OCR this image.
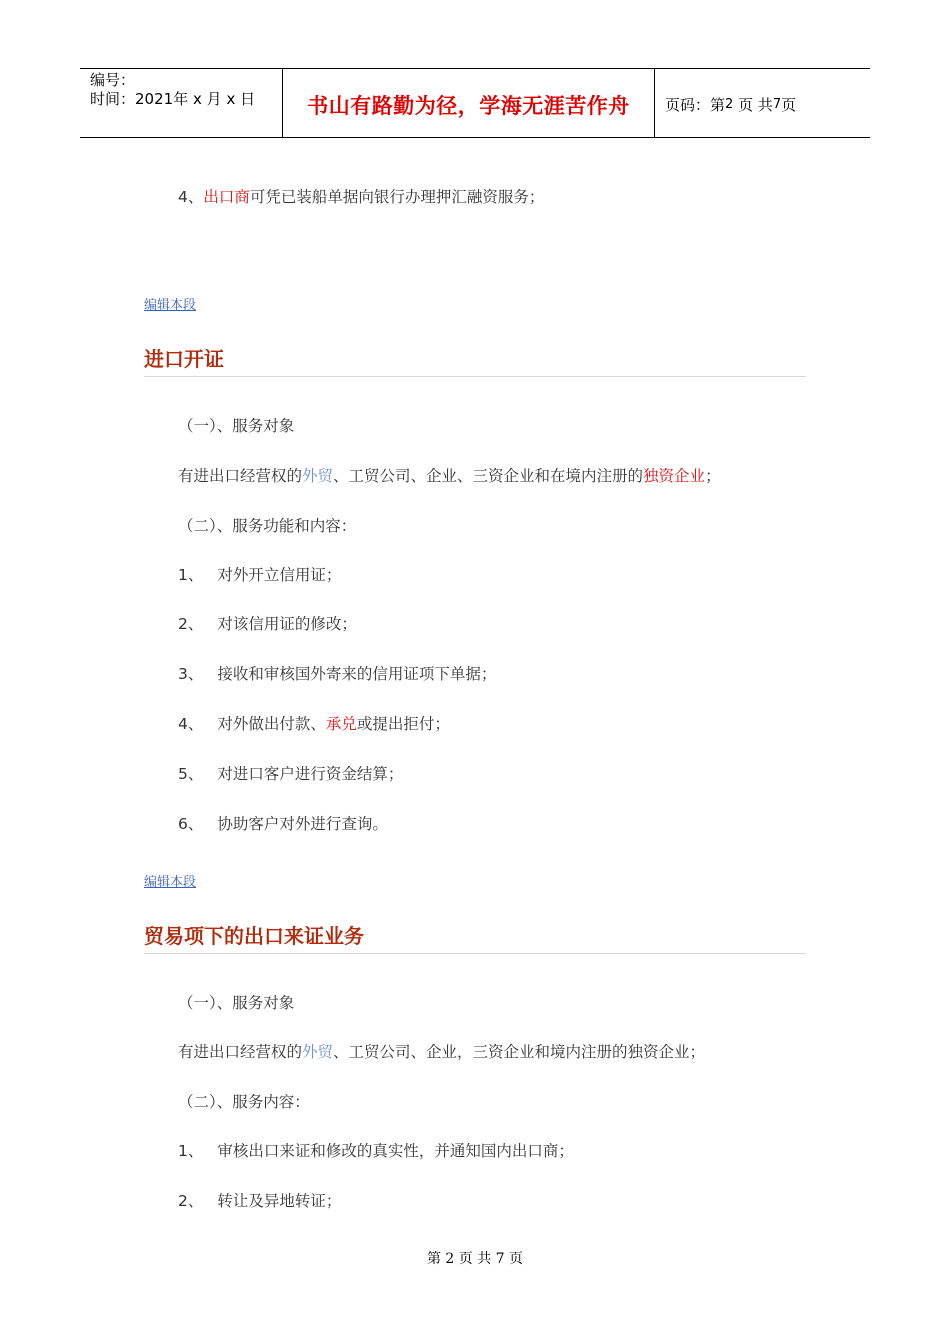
编号：
时间：2021年 x 月 x 日	书山有路勤为径，学海无涯苦作舟	页码：第 2
页 共 7 页
4、出口商可凭已装船单据向银行办理押汇融资服务；
编辑本段
进口开证
（一）、服务对象
有进出口经营权的外贸、工贸公司、企业、三资企业和在境内注册的独资企业；
（二）、服务功能和内容：
1、 对外开立信用证；
2、 对该信用证的修改；
3、 接收和审核国外寄来的信用证项下单据；
4、 对外做出付款、承兑或提出拒付；
5、 对进口客户进行资金结算；
6、 协助客户对外进行查询。
编辑本段
贸易项下的出口来证业务
（一）、服务对象
有进出口经营权的外贸、工贸公司、企业，三资企业和境内注册的独资企业；
（二）、服务内容：
1、 审核出口来证和修改的真实性，并通知国内出口商；
2、 转让及异地转证；
第 2 页 共 7 页
